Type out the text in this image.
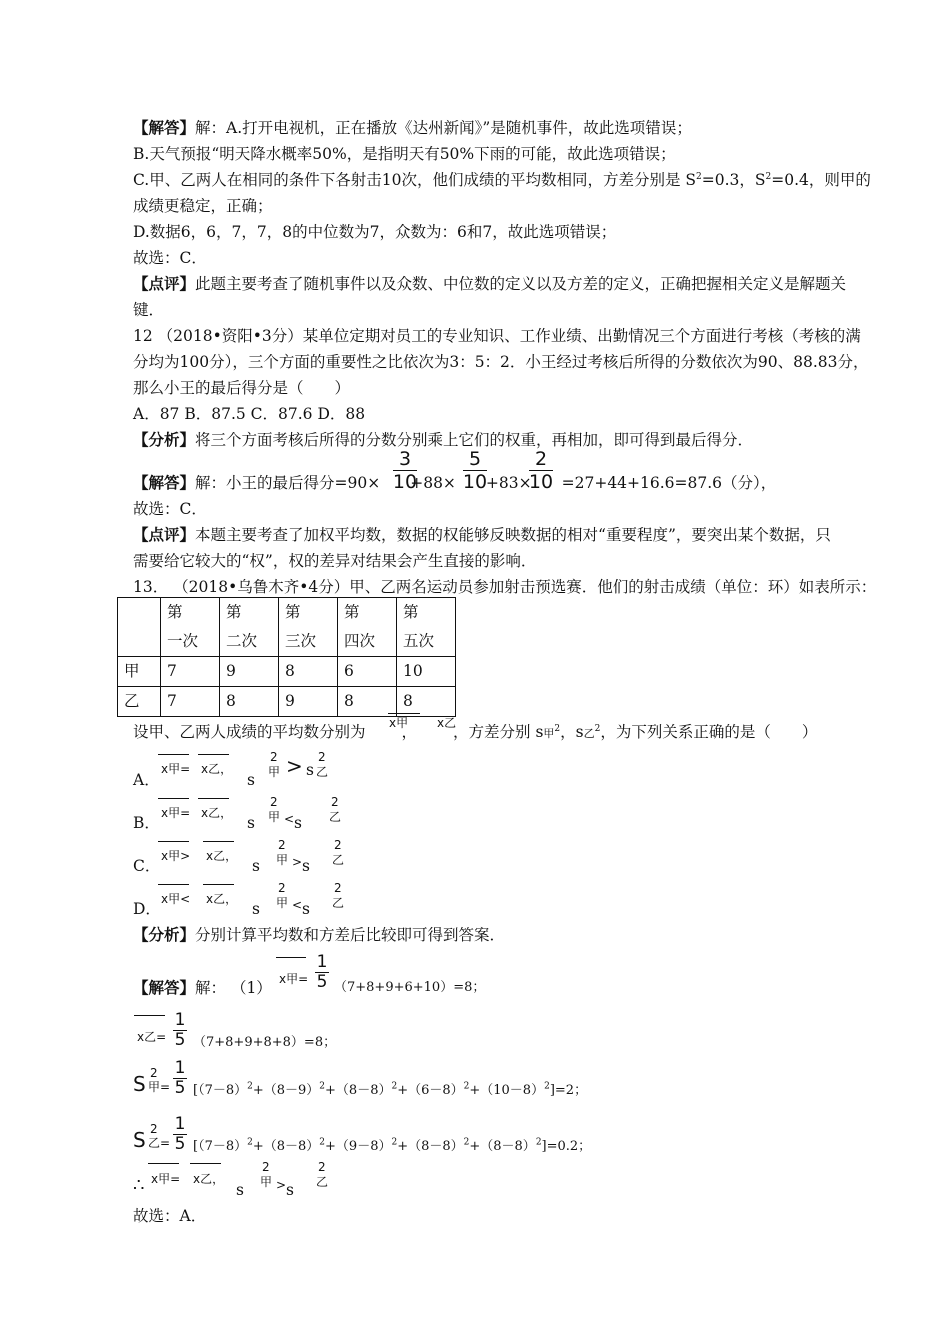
【解答】解：A.打开电视机，正在播放《达州新闻》”是随机事件，故此选项错误；
B.天气预报“明天降水概率50%，是指明天有50%下雨的可能，故此选项错误；
C.甲、乙两人在相同的条件下各射击10次，他们成绩的平均数相同，方差分别是 $S^2=0.3$，$S^2=0.4$，则甲的
成绩更稳定，正确；
D.数据6，6，7，7，8的中位数为7，众数为：6和7，故此选项错误；
故选：C．
【点评】此题主要考查了随机事件以及众数、中位数的定义以及方差的定义，正确把握相关定义是解题关
键．
12 （2018•资阳•3分）某单位定期对员工的专业知识、工作业绩、出勤情况三个方面进行考核（考核的满
分均为100分），三个方面的重要性之比依次为3：5：2．小王经过考核后所得的分数依次为90、88.83分，
那么小王的最后得分是（　　）
A．87 B．87.5 C．87.6 D．88
【分析】将三个方面考核后所得的分数分别乘上它们的权重，再相加，即可得到最后得分．
【解答】解：小王的最后得分=90× +88× +83× =27+44+16.6=87.6（分），
3
10
5
10
2
10
故选：C．
【点评】本题主要考查了加权平均数，数据的权能够反映数据的相对“重要程度”，要突出某个数据，只
需要给它较大的“权”，权的差异对结果会产生直接的影响．
13． （2018•乌鲁木齐•4分）甲、乙两名运动员参加射击预选赛．他们的射击成绩（单位：环）如表所示：

	第　一次	第　二次	第　三次	第　四次	第　五次

甲	7	9	8	6	10
乙	7	8	9	8	8
设甲、乙两人成绩的平均数分别为 ， ，方差分别 s甲$^2$，s乙$^2$，为下列关系正确的是（　　）
x甲 x乙
A．
x甲= x乙，
s
2
甲 > s
2
乙
B．
x甲= x乙，
s
2
甲 < s
2
乙
C．
x甲> x乙，
s
2
甲 > s
2
乙
D．
x甲< x乙，
s
2
甲 < s
2
乙
【分析】分别计算平均数和方差后比较即可得到答案．
【解答】解： （1） x甲=
1
5 （7+8+9+6+10）=8；
x乙=
1
5 （7+8+9+8+8）=8；
S 2
甲=
1
5 $[(7-8)^2+(8-9)^2+(8-8)^2+(6-8)^2+(10-8)^2]=2$；
S 2
乙=
1
5 $[(7-8)^2+(8-8)^2+(9-8)^2+(8-8)^2+(8-8)^2]=0.2$；
∴ x甲= x乙，
s
2
甲 > s
2
乙
故选：A．
